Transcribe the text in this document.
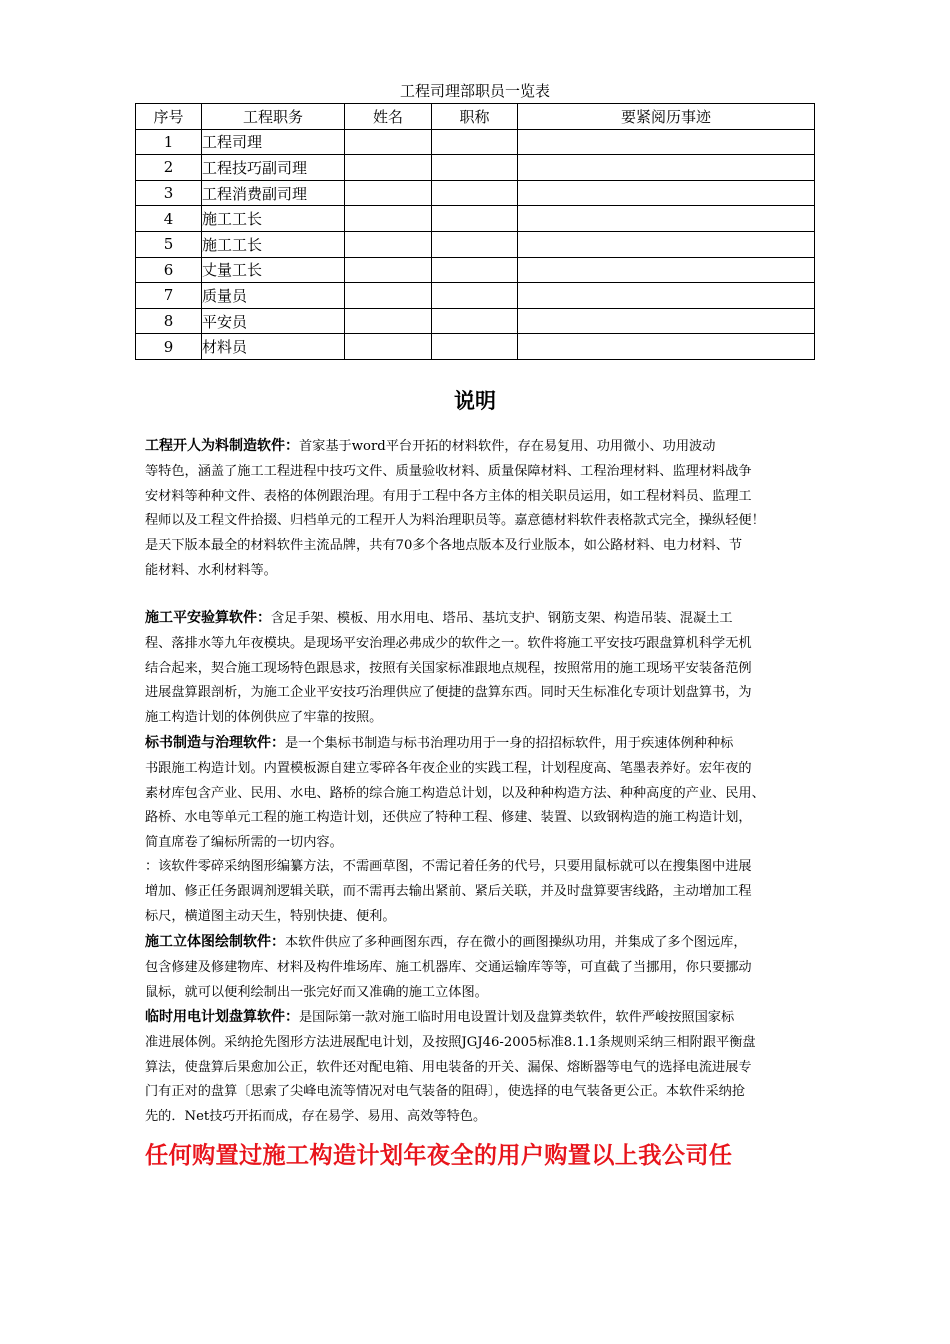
工程司理部职员一览表
序号	工程职务	姓名	职称	要紧阅历事迹
1	工程司理			
2	工程技巧副司理			
3	工程消费副司理			
4	施工工长			
5	施工工长			
6	丈量工长			
7	质量员			
8	平安员			
9	材料员			
说明
工程开人为料制造软件：首家基于word平台开拓的材料软件，存在易复用、功用微小、功用波动
等特色，涵盖了施工工程进程中技巧文件、质量验收材料、质量保障材料、工程治理材料、监理材料战争
安材料等种种文件、表格的体例跟治理。有用于工程中各方主体的相关职员运用，如工程材料员、监理工
程师以及工程文件拾掇、归档单元的工程开人为料治理职员等。嘉意德材料软件表格款式完全，操纵轻便！
是天下版本最全的材料软件主流品牌，共有70多个各地点版本及行业版本，如公路材料、电力材料、节
能材料、水利材料等。
施工平安验算软件：含足手架、模板、用水用电、塔吊、基坑支护、钢筋支架、构造吊装、混凝土工
程、落排水等九年夜模块。是现场平安治理必弗成少的软件之一。软件将施工平安技巧跟盘算机科学无机
结合起来，契合施工现场特色跟恳求，按照有关国家标准跟地点规程，按照常用的施工现场平安装备范例
进展盘算跟剖析，为施工企业平安技巧治理供应了便捷的盘算东西。同时天生标准化专项计划盘算书，为
施工构造计划的体例供应了牢靠的按照。
标书制造与治理软件：是一个集标书制造与标书治理功用于一身的招招标软件，用于疾速体例种种标
书跟施工构造计划。内置模板源自建立零碎各年夜企业的实践工程，计划程度高、笔墨表养好。宏年夜的
素材库包含产业、民用、水电、路桥的综合施工构造总计划，以及种种构造方法、种种高度的产业、民用、
路桥、水电等单元工程的施工构造计划，还供应了特种工程、修建、装置、以致钢构造的施工构造计划，
简直席卷了编标所需的一切内容。
：该软件零碎采纳图形编纂方法，不需画草图，不需记着任务的代号，只要用鼠标就可以在搜集图中进展
增加、修正任务跟调剂逻辑关联，而不需再去输出紧前、紧后关联，并及时盘算要害线路，主动增加工程
标尺，横道图主动天生，特别快捷、便利。
施工立体图绘制软件：本软件供应了多种画图东西，存在微小的画图操纵功用，并集成了多个图远库，
包含修建及修建物库、材料及构件堆场库、施工机器库、交通运输库等等，可直截了当挪用，你只要挪动
鼠标，就可以便利绘制出一张完好而又准确的施工立体图。
临时用电计划盘算软件：是国际第一款对施工临时用电设置计划及盘算类软件，软件严峻按照国家标
准进展体例。采纳抢先图形方法进展配电计划，及按照JGJ46-2005标准8.1.1条规则采纳三相附跟平衡盘
算法，使盘算后果愈加公正，软件还对配电箱、用电装备的开关、漏保、熔断器等电气的选择电流进展专
门有正对的盘算〔思索了尖峰电流等情况对电气装备的阻碍〕，使选择的电气装备更公正。本软件采纳抢
先的．Net技巧开拓而成，存在易学、易用、高效等特色。
任何购置过施工构造计划年夜全的用户购置以上我公司任
